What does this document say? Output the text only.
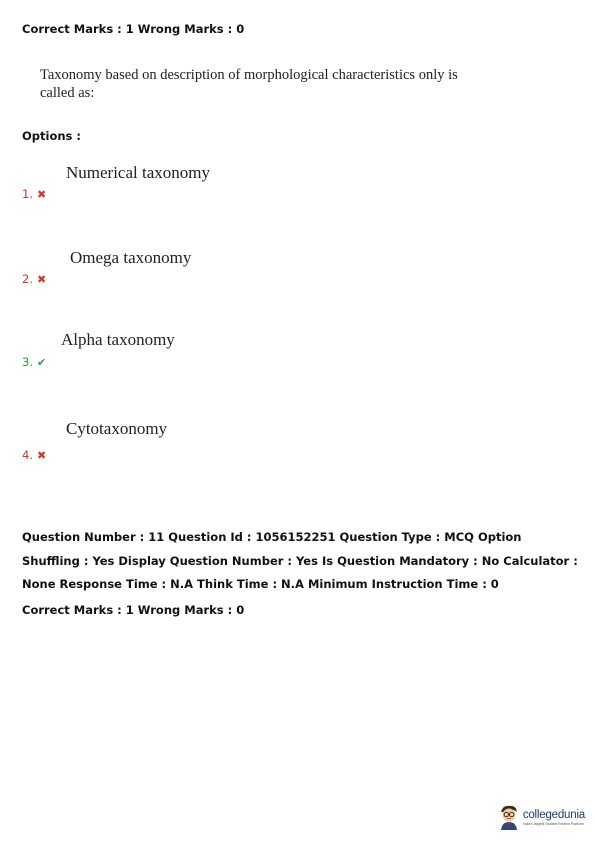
Correct Marks : 1 Wrong Marks : 0
Taxonomy based on description of morphological characteristics only is called as:
Options :
Numerical taxonomy
1. ✖
Omega taxonomy
2. ✖
Alpha taxonomy
3. ✔
Cytotaxonomy
4. ✖
Question Number : 11 Question Id : 1056152251 Question Type : MCQ Option Shuffling : Yes Display Question Number : Yes Is Question Mandatory : No Calculator : None Response Time : N.A Think Time : N.A Minimum Instruction Time : 0
Correct Marks : 1 Wrong Marks : 0
collegedunia
India's largest Student Review Platform
